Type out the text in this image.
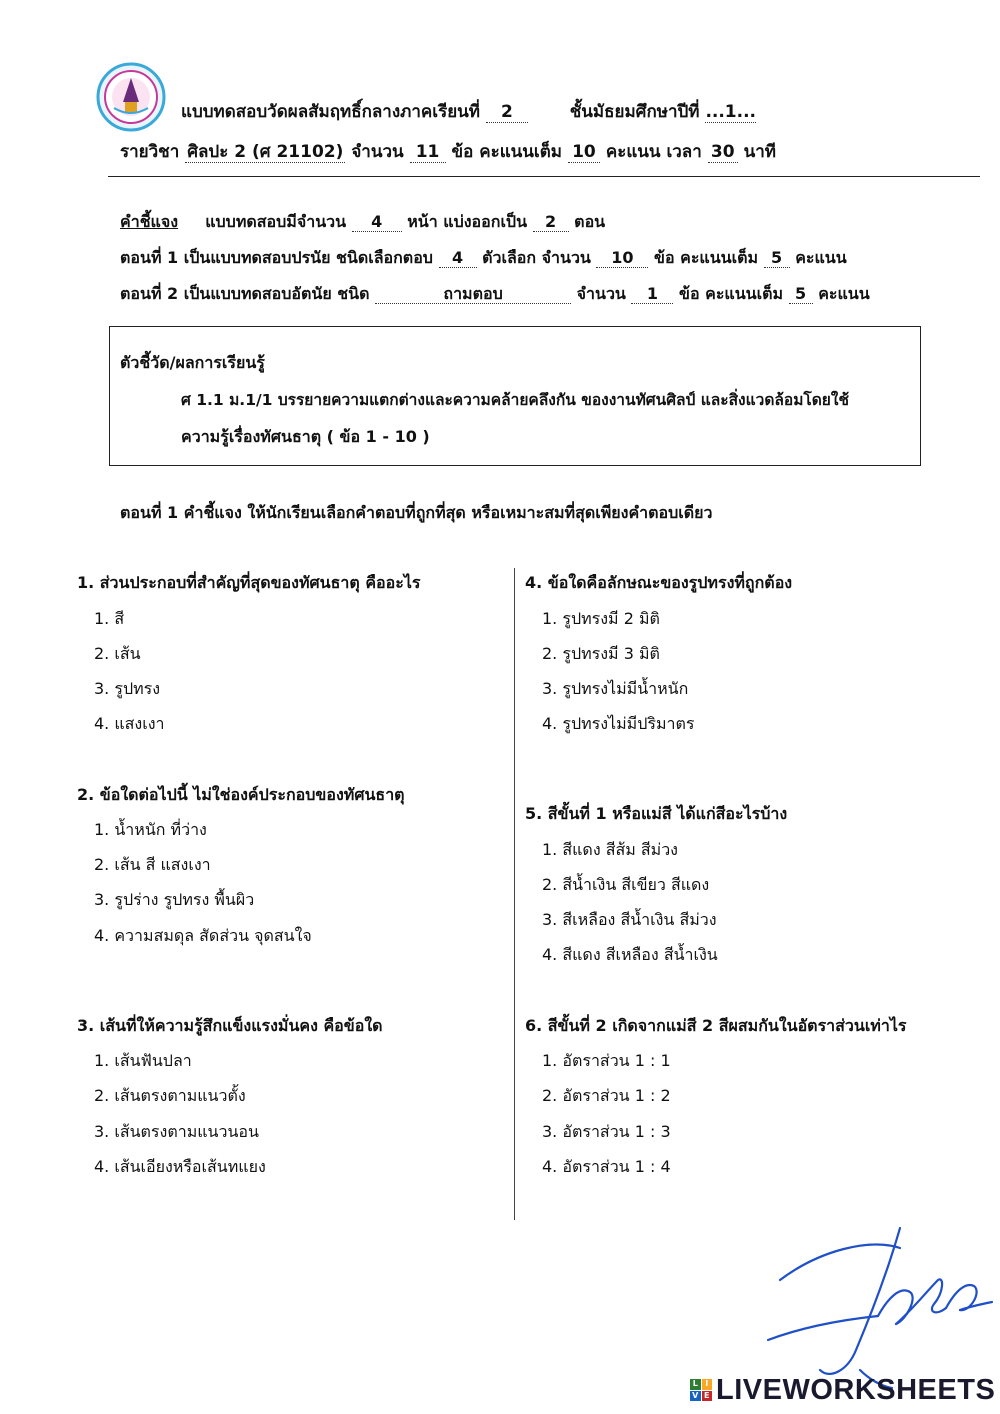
แบบทดสอบวัดผลสัมฤทธิ์กลางภาคเรียนที่ 2	ชั้นมัธยมศึกษาปีที่ ...1...
รายวิชา ศิลปะ 2 (ศ 21102) จำนวน 11 ข้อ คะแนนเต็ม 10 คะแนน เวลา 30 นาที
คำชี้แจง แบบทดสอบมีจำนวน 4 หน้า แบ่งออกเป็น 2 ตอน
ตอนที่ 1 เป็นแบบทดสอบปรนัย ชนิดเลือกตอบ 4 ตัวเลือก จำนวน 10 ข้อ คะแนนเต็ม 5 คะแนน
ตอนที่ 2 เป็นแบบทดสอบอัตนัย ชนิด	ถามตอบ	จำนวน 1 ข้อ คะแนนเต็ม 5 คะแนน
ตัวชี้วัด/ผลการเรียนรู้
ศ 1.1 ม.1/1 บรรยายความแตกต่างและความคล้ายคลึงกัน ของงานทัศนศิลป์ และสิ่งแวดล้อมโดยใช้
ความรู้เรื่องทัศนธาตุ ( ข้อ 1 - 10 )
ตอนที่ 1 คำชี้แจง ให้นักเรียนเลือกคำตอบที่ถูกที่สุด หรือเหมาะสมที่สุดเพียงคำตอบเดียว
1. ส่วนประกอบที่สำคัญที่สุดของทัศนธาตุ คืออะไร
1. สี
2. เส้น
3. รูปทรง
4. แสงเงา
2. ข้อใดต่อไปนี้ ไม่ใช่องค์ประกอบของทัศนธาตุ
1. น้ำหนัก ที่ว่าง
2. เส้น สี แสงเงา
3. รูปร่าง รูปทรง พื้นผิว
4. ความสมดุล สัดส่วน จุดสนใจ
3. เส้นที่ให้ความรู้สึกแข็งแรงมั่นคง คือข้อใด
1. เส้นฟันปลา
2. เส้นตรงตามแนวตั้ง
3. เส้นตรงตามแนวนอน
4. เส้นเอียงหรือเส้นทแยง
4. ข้อใดคือลักษณะของรูปทรงที่ถูกต้อง
1. รูปทรงมี 2 มิติ
2. รูปทรงมี 3 มิติ
3. รูปทรงไม่มีน้ำหนัก
4. รูปทรงไม่มีปริมาตร
5. สีขั้นที่ 1 หรือแม่สี ได้แก่สีอะไรบ้าง
1. สีแดง สีส้ม สีม่วง
2. สีน้ำเงิน สีเขียว สีแดง
3. สีเหลือง สีน้ำเงิน สีม่วง
4. สีแดง สีเหลือง สีน้ำเงิน
6. สีขั้นที่ 2 เกิดจากแม่สี 2 สีผสมกันในอัตราส่วนเท่าไร
1. อัตราส่วน 1 : 1
2. อัตราส่วน 1 : 2
3. อัตราส่วน 1 : 3
4. อัตราส่วน 1 : 4
L I
V E LIVEWORKSHEETS
